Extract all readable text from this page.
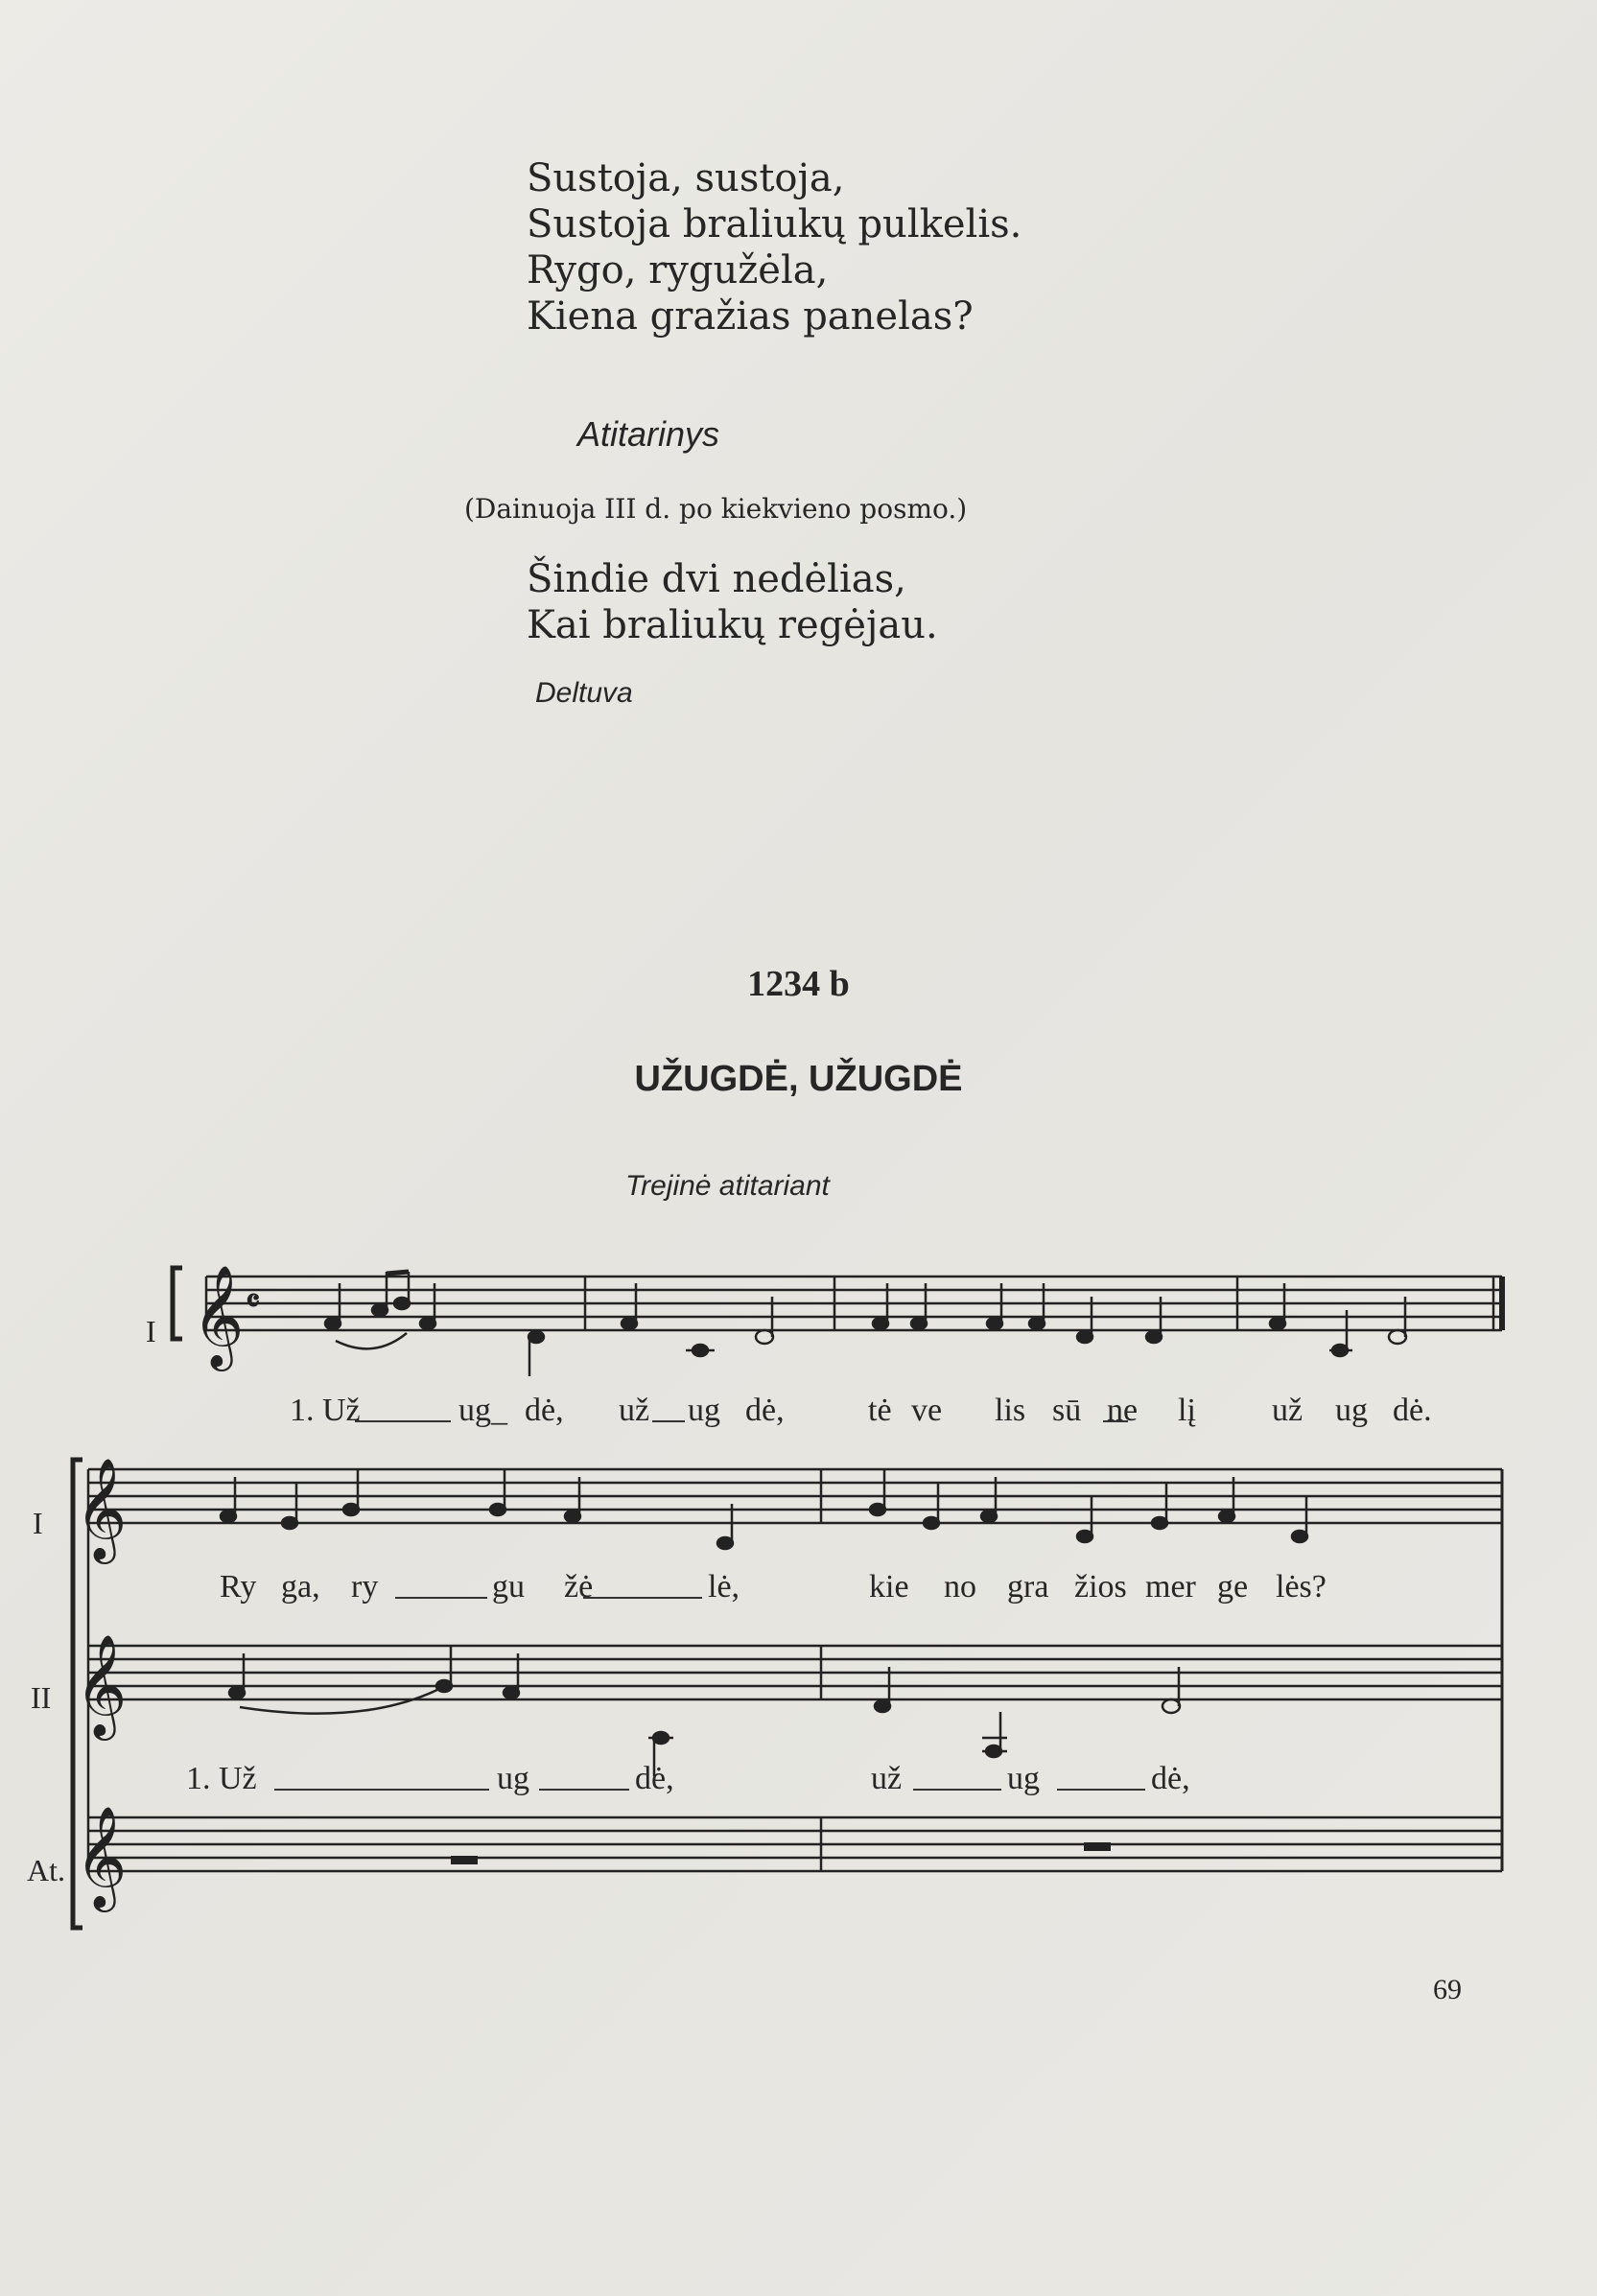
Sustoja, sustoja,
Sustoja braliukų pulkelis.
Rygo, rygužėla,
Kiena gražias panelas?
Atitarinys
(Dainuoja III d. po kiekvieno posmo.)
Šindie dvi nedėlias,
Kai braliukų regėjau.
Deltuva
1234 b
UŽUGDĖ, UŽUGDĖ
Trejinė atitariant
𝄞 𝄴
𝄞
𝄞
𝄞
I
I
II
At.
1. Už	ug_ dė, už ug dė,	tė ve lis sū ne lį už ug dė.
Ry ga, ry	gu žė	lė,	kie no gra žios mer ge lės?
1. Už	ug	dė,	už	ug	dė,
69
